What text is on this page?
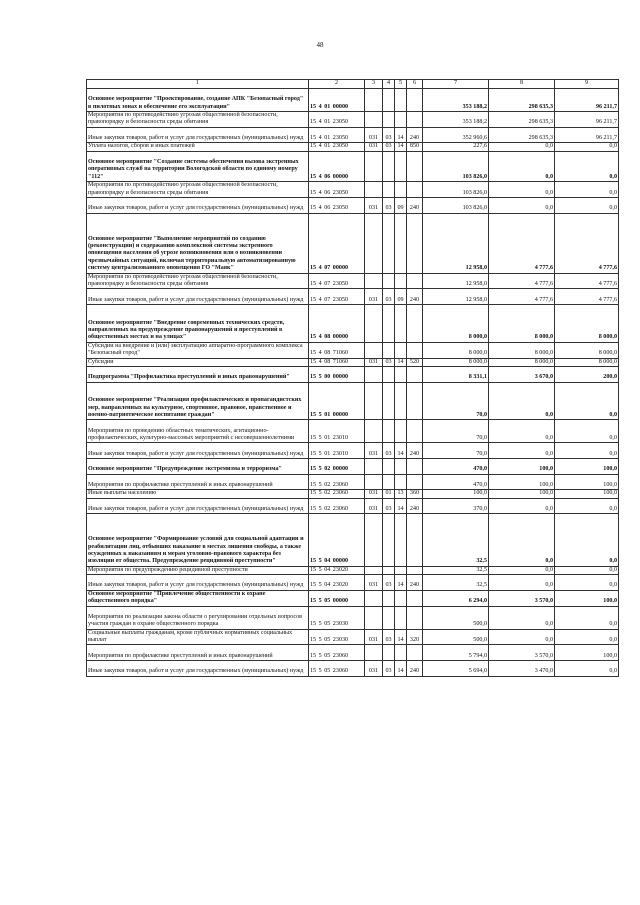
48
1	2	3	4	5	6	7	8	9
Основное мероприятие "Проектирование, создание АПК "Безопасный город" в пилотных зонах и обеспечение его эксплуатации"	15 4 01 00000					353 188,2	298 635,3	96 211,7
Мероприятия по противодействию угрозам общественной безопасности, правопорядку и безопасности среды обитания	15 4 01 23050					353 188,2	298 635,3	96 211,7
Иные закупки товаров, работ и услуг для государственных (муниципальных) нужд	15 4 01 23050	031	03	14	240	352 960,6	298 635,3	96 211,7
Уплата налогов, сборов и иных платежей	15 4 01 23050	031	03	14	850	227,6	0,0	0,0
Основное мероприятие "Создание системы обеспечения вызова экстренных оперативных служб на территории Вологодской области по единому номеру "112"	15 4 06 00000					103 826,0	0,0	0,0
Мероприятия по противодействию угрозам общественной безопасности, правопорядку и безопасности среды обитания	15 4 06 23050					103 826,0	0,0	0,0
Иные закупки товаров, работ и услуг для государственных (муниципальных) нужд	15 4 06 23050	031	03	09	240	103 826,0	0,0	0,0
Основное мероприятие "Выполнение мероприятий по созданию (реконструкции) и содержанию комплексной системы экстренного оповещения населения об угрозе возникновения или о возникновении чрезвычайных ситуаций, включая территориальную автоматизированную систему централизованного оповещения ГО "Маяк"	15 4 07 00000					12 958,0	4 777,6	4 777,6
Мероприятия по противодействию угрозам общественной безопасности, правопорядку и безопасности среды обитания	15 4 07 23050					12 958,0	4 777,6	4 777,6
Иные закупки товаров, работ и услуг для государственных (муниципальных) нужд	15 4 07 23050	031	03	09	240	12 958,0	4 777,6	4 777,6
Основное мероприятие "Внедрение современных технических средств, направленных на предупреждение правонарушений и преступлений в общественных местах и на улицах"	15 4 08 00000					8 000,0	8 000,0	8 000,0
Субсидии на внедрение и (или) эксплуатацию аппаратно-программного комплекса "Безопасный город"	15 4 08 71060					8 000,0	8 000,0	8 000,0
Субсидии	15 4 08 71060	031	03	14	520	8 000,0	8 000,0	8 000,0
Подпрограмма "Профилактика преступлений и иных правонарушений"	15 5 00 00000					8 331,1	3 670,0	200,0
Основное мероприятие "Реализация профилактических и пропагандистских мер, направленных на культурное, спортивное, правовое, нравственное и военно-патриотическое воспитание граждан"	15 5 01 00000					70,0	0,0	0,0
Мероприятия по проведению областных тематических, агитационно-профилактических, культурно-массовых мероприятий с несовершеннолетними	15 5 01 23010					70,0	0,0	0,0
Иные закупки товаров, работ и услуг для государственных (муниципальных) нужд	15 5 01 23010	031	03	14	240	70,0	0,0	0,0
Основное мероприятие "Предупреждение экстремизма и терроризма"	15 5 02 00000					470,0	100,0	100,0
Мероприятия по профилактике преступлений и иных правонарушений	15 5 02 23060					470,0	100,0	100,0
Иные выплаты населению	15 5 02 23060	031	01	13	360	100,0	100,0	100,0
Иные закупки товаров, работ и услуг для государственных (муниципальных) нужд	15 5 02 23060	031	03	14	240	370,0	0,0	0,0
Основное мероприятие "Формирование условий для социальной адаптации и реабилитации лиц, отбывших наказание в местах лишения свободы, а также осужденных к наказаниям и мерам уголовно-правового характера без изоляции от общества. Предупреждение рецидивной преступности"	15 5 04 00000					32,5	0,0	0,0
Мероприятия по предупреждению рецидивной преступности	15 5 04 23020					32,5	0,0	0,0
Иные закупки товаров, работ и услуг для государственных (муниципальных) нужд	15 5 04 23020	031	03	14	240	32,5	0,0	0,0
Основное мероприятие "Привлечение общественности к охране общественного порядка"	15 5 05 00000					6 294,0	3 570,0	100,0
Мероприятия по реализации закона области о регулировании отдельных вопросов участия граждан в охране общественного порядка	15 5 05 23030					500,0	0,0	0,0
Социальные выплаты гражданам, кроме публичных нормативных социальных выплат	15 5 05 23030	031	03	14	320	500,0	0,0	0,0
Мероприятия по профилактике преступлений и иных правонарушений	15 5 05 23060					5 794,0	3 570,0	100,0
Иные закупки товаров, работ и услуг для государственных (муниципальных) нужд	15 5 05 23060	031	03	14	240	5 694,0	3 470,0	0,0
